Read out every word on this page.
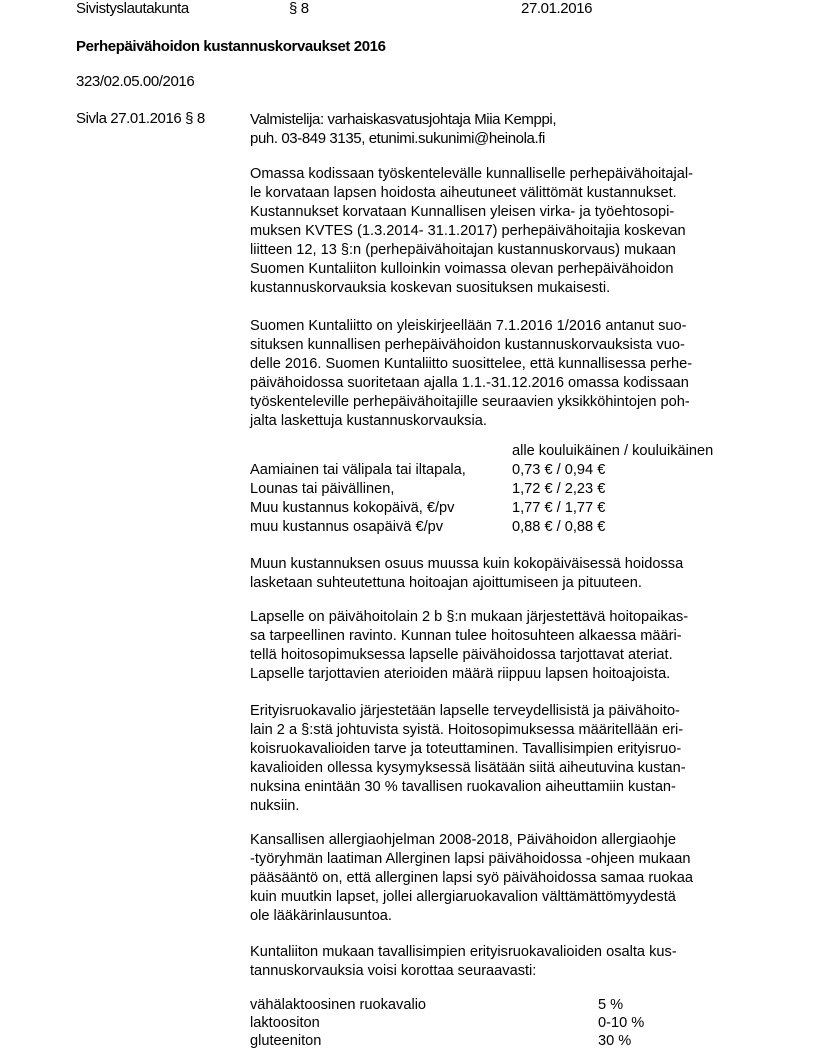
Sivistyslautakunta	§ 8	27.01.2016
Perhepäivähoidon kustannuskorvaukset 2016
323/02.05.00/2016
Sivla 27.01.2016 § 8	Valmistelija: varhaiskasvatusjohtaja Miia Kemppi,
puh. 03-849 3135, etunimi.sukunimi@heinola.fi
Omassa kodissaan työskentelevälle kunnalliselle perhepäivähoitajal-
le korvataan lapsen hoidosta aiheutuneet välittömät kustannukset.
Kustannukset korvataan Kunnallisen yleisen virka- ja työehtosopi-
muksen KVTES (1.3.2014- 31.1.2017) perhepäivähoitajia koskevan
liitteen 12, 13 §:n (perhepäivähoitajan kustannuskorvaus) mukaan
Suomen Kuntaliiton kulloinkin voimassa olevan perhepäivähoidon
kustannuskorvauksia koskevan suosituksen mukaisesti.
Suomen Kuntaliitto on yleiskirjeellään 7.1.2016 1/2016 antanut suo-
situksen kunnallisen perhepäivähoidon kustannuskorvauksista vuo-
delle 2016. Suomen Kuntaliitto suosittelee, että kunnallisessa perhe-
päivähoidossa suoritetaan ajalla 1.1.-31.12.2016 omassa kodissaan
työskenteleville perhepäivähoitajille seuraavien yksikköhintojen poh-
jalta laskettuja kustannuskorvauksia.
alle kouluikäinen / kouluikäinen
Aamiainen tai välipala tai iltapala,	0,73 € / 0,94 €
Lounas tai päivällinen,	1,72 € / 2,23 €
Muu kustannus kokopäivä, €/pv	1,77 € / 1,77 €
muu kustannus osapäivä €/pv	0,88 € / 0,88 €
Muun kustannuksen osuus muussa kuin kokopäiväisessä hoidossa
lasketaan suhteutettuna hoitoajan ajoittumiseen ja pituuteen.
Lapselle on päivähoitolain 2 b §:n mukaan järjestettävä hoitopaikas-
sa tarpeellinen ravinto. Kunnan tulee hoitosuhteen alkaessa määri-
tellä hoitosopimuksessa lapselle päivähoidossa tarjottavat ateriat.
Lapselle tarjottavien aterioiden määrä riippuu lapsen hoitoajoista.
Erityisruokavalio järjestetään lapselle terveydellisistä ja päivähoito-
lain 2 a §:stä johtuvista syistä. Hoitosopimuksessa määritellään eri-
koisruokavalioiden tarve ja toteuttaminen. Tavallisimpien erityisruo-
kavalioiden ollessa kysymyksessä lisätään siitä aiheutuvina kustan-
nuksina enintään 30 % tavallisen ruokavalion aiheuttamiin kustan-
nuksiin.
Kansallisen allergiaohjelman 2008-2018, Päivähoidon allergiaohje
-työryhmän laatiman Allerginen lapsi päivähoidossa -ohjeen mukaan
pääsääntö on, että allerginen lapsi syö päivähoidossa samaa ruokaa
kuin muutkin lapset, jollei allergiaruokavalion välttämättömyydestä
ole lääkärinlausuntoa.
Kuntaliiton mukaan tavallisimpien erityisruokavalioiden osalta kus-
tannuskorvauksia voisi korottaa seuraavasti:
vähälaktoosinen ruokavalio	5 %
laktoositon	0-10 %
gluteeniton	30 %
